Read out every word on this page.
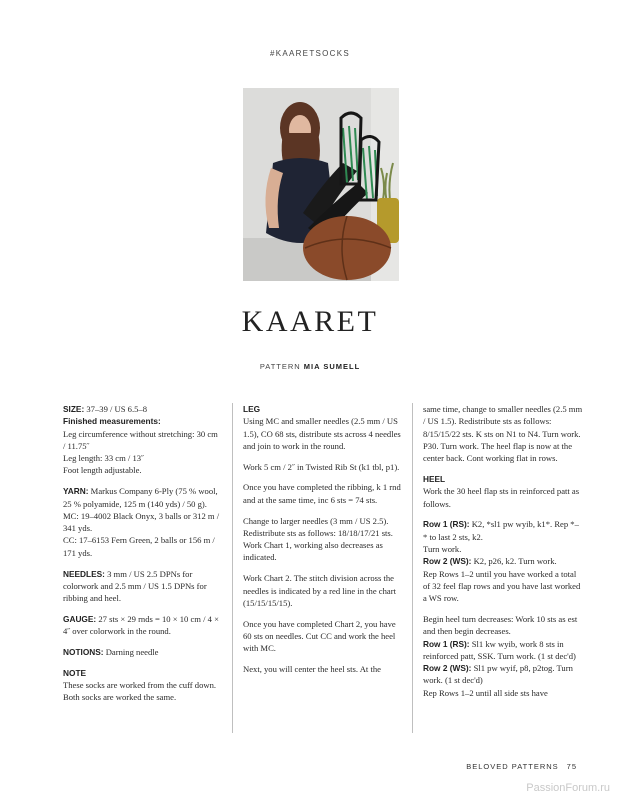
#KAARETSOCKS
KAARET
PATTERN MIA SUMELL
SIZE: 37–39 / US 6.5–8
Finished measurements:
Leg circumference without stretching: 30 cm / 11.75˝
Leg length: 33 cm / 13˝

Foot length adjustable.

YARN: Markus Company 6-Ply (75 % wool, 25 % polyamide, 125 m (140 yds) / 50 g).
MC: 19–4002 Black Onyx, 3 balls or 312 m / 341 yds.

CC: 17–6153 Fern Green, 2 balls or 156 m / 171 yds.

NEEDLES: 3 mm / US 2.5 DPNs for colorwork and 2.5 mm / US 1.5 DPNs for ribbing and heel.

GAUGE: 27 sts × 29 rnds = 10 × 10 cm / 4 × 4˝ over colorwork in the round.

NOTIONS: Darning needle

NOTE
These socks are worked from the cuff down. Both socks are worked the same.
LEG

Using MC and smaller needles (2.5 mm / US 1.5), CO 68 sts, distribute sts across 4 needles and join to work in the round.

Work 5 cm / 2˝ in Twisted Rib St (k1 tbl, p1).

Once you have completed the ribbing, k 1 rnd and at the same time, inc 6 sts = 74 sts.

Change to larger needles (3 mm / US 2.5). Redistribute sts as follows: 18/18/17/21 sts. Work Chart 1, working also decreases as indicated.

Work Chart 2. The stitch division across the needles is indicated by a red line in the chart (15/15/15/15).

Once you have completed Chart 2, you have 60 sts on needles. Cut CC and work the heel with MC.

Next, you will center the heel sts. At the

same time, change to smaller needles (2.5 mm / US 1.5). Redistribute sts as follows: 8/15/15/22 sts. K sts on N1 to N4. Turn work. P30. Turn work. The heel flap is now at the center back. Cont working flat in rows.

HEEL

Work the 30 heel flap sts in reinforced patt as follows.

Row 1 (RS): K2, *sl1 pw wyib, k1*. Rep *–* to last 2 sts, k2.
Turn work.
Row 2 (WS): K2, p26, k2. Turn work.

Rep Rows 1–2 until you have worked a total of 32 feel flap rows and you have last worked a WS row.

Begin heel turn decreases: Work 10 sts as est and then begin decreases.
Row 1 (RS): Sl1 kw wyib, work 8 sts in reinforced patt, SSK. Turn work. (1 st dec'd)
Row 2 (WS): Sl1 pw wyif, p8, p2tog. Turn work. (1 st dec'd)
Rep Rows 1–2 until all side sts have
BELOVED PATTERNS 75
PassionForum.ru
